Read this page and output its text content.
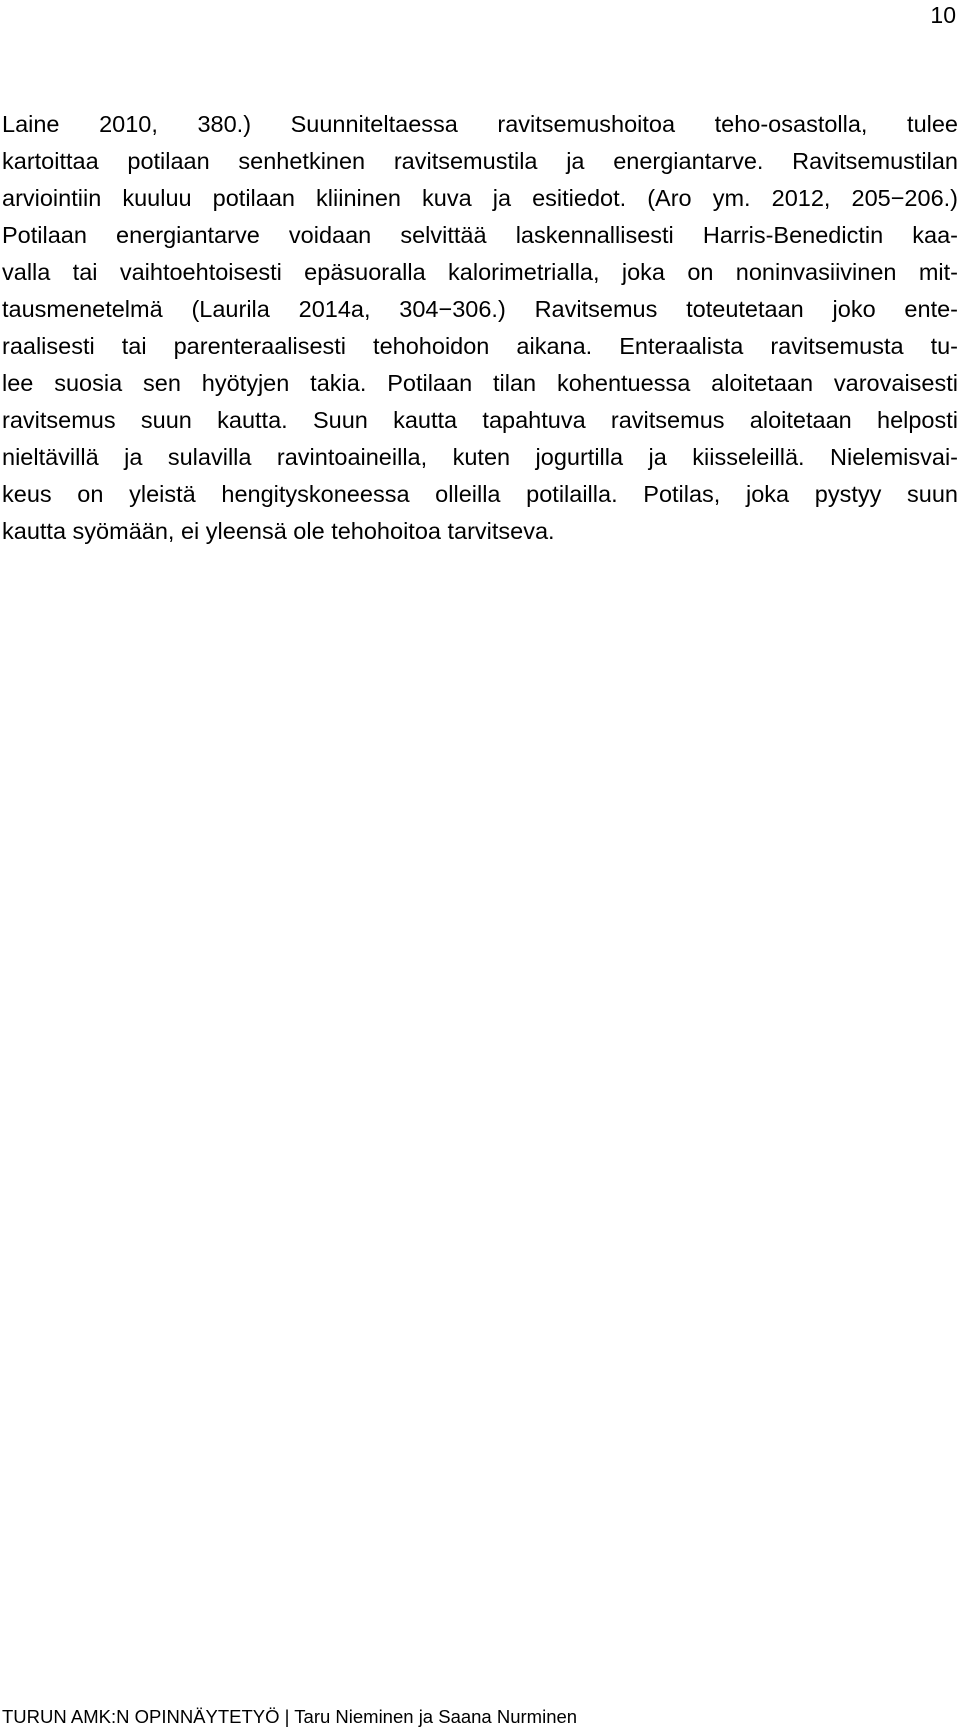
10
Laine 2010, 380.) Suunniteltaessa ravitsemushoitoa teho-osastolla, tulee
kartoittaa potilaan senhetkinen ravitsemustila ja energiantarve. Ravitsemustilan
arviointiin kuuluu potilaan kliininen kuva ja esitiedot. (Aro ym. 2012, 205−206.)
Potilaan energiantarve voidaan selvittää laskennallisesti Harris-Benedictin kaa-
valla tai vaihtoehtoisesti epäsuoralla kalorimetrialla, joka on noninvasiivinen mit-
tausmenetelmä (Laurila 2014a, 304−306.) Ravitsemus toteutetaan joko ente-
raalisesti tai parenteraalisesti tehohoidon aikana. Enteraalista ravitsemusta tu-
lee suosia sen hyötyjen takia. Potilaan tilan kohentuessa aloitetaan varovaisesti
ravitsemus suun kautta. Suun kautta tapahtuva ravitsemus aloitetaan helposti
nieltävillä ja sulavilla ravintoaineilla, kuten jogurtilla ja kiisseleillä. Nielemisvai-
keus on yleistä hengityskoneessa olleilla potilailla. Potilas, joka pystyy suun
kautta syömään, ei yleensä ole tehohoitoa tarvitseva.
TURUN AMK:N OPINNÄYTETYÖ | Taru Nieminen ja Saana Nurminen
